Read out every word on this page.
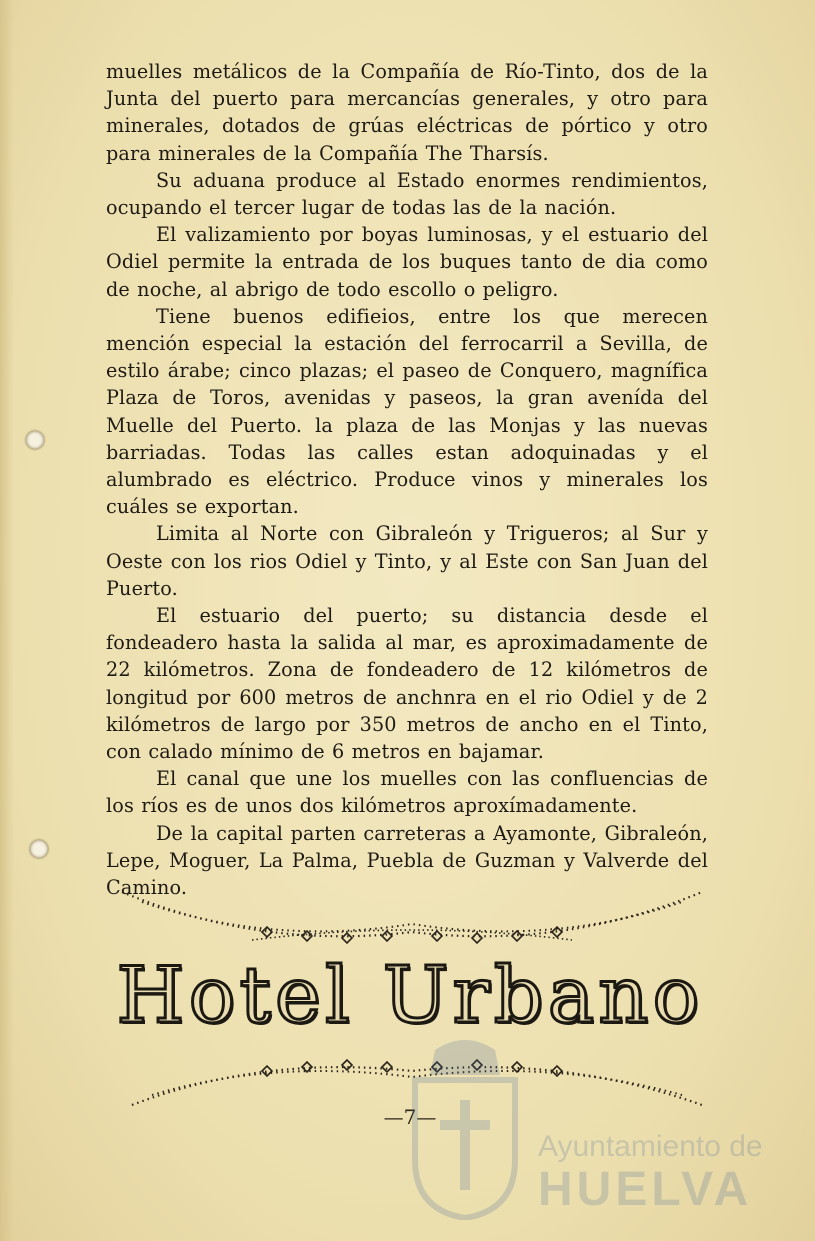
muelles metálicos de la Compañía de Río-Tinto, dos de la Junta del puerto para mercancías generales, y otro para minerales, dotados de grúas eléctricas de pórtico y otro para minerales de la Compañía The Tharsís.

Su aduana produce al Estado enormes rendimientos, ocupando el tercer lugar de todas las de la nación.

El valizamiento por boyas luminosas, y el estuario del Odiel permite la entrada de los buques tanto de dia como de noche, al abrigo de todo escollo o peligro.

Tiene buenos edifieios, entre los que merecen mención especial la estación del ferrocarril a Sevilla, de estilo árabe; cinco plazas; el paseo de Conquero, magnífica Plaza de Toros, avenidas y paseos, la gran avenída del Muelle del Puerto. la plaza de las Monjas y las nuevas barriadas. Todas las calles estan adoquinadas y el alumbrado es eléctrico. Produce vinos y minerales los cuáles se exportan.

Limita al Norte con Gibraleón y Trigueros; al Sur y Oeste con los rios Odiel y Tinto, y al Este con San Juan del Puerto.

El estuario del puerto; su distancia desde el fondeadero hasta la salida al mar, es aproximadamente de 22 kilómetros. Zona de fondeadero de 12 kilómetros de longitud por 600 metros de anchnra en el rio Odiel y de 2 kilómetros de largo por 350 metros de ancho en el Tinto, con calado mínimo de 6 metros en bajamar.

El canal que une los muelles con las confluencias de los ríos es de unos dos kilómetros aproxímadamente.

De la capital parten carreteras a Ayamonte, Gibraleón, Lepe, Moguer, La Palma, Puebla de Guzman y Valverde del Camino.

Hotel Urbano
—7—
Ayuntamiento de
HUELVA
